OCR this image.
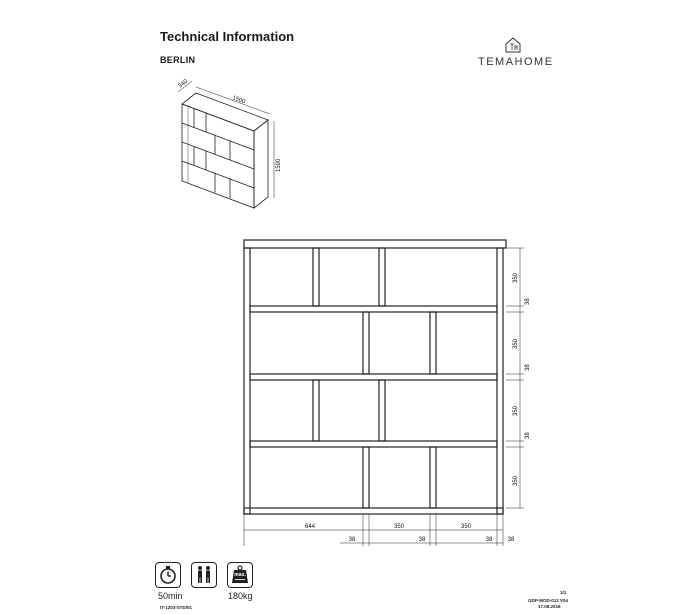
Technical Information
BERLIN	TEMAHOME
340
1500
1590
350
38
350
38
350
38
350
644	350	350
38	38	38	38
max.
50min	180kg
IT-1203-STD/01
1/1
GDP-MOD-012 V04
17.08.2016
